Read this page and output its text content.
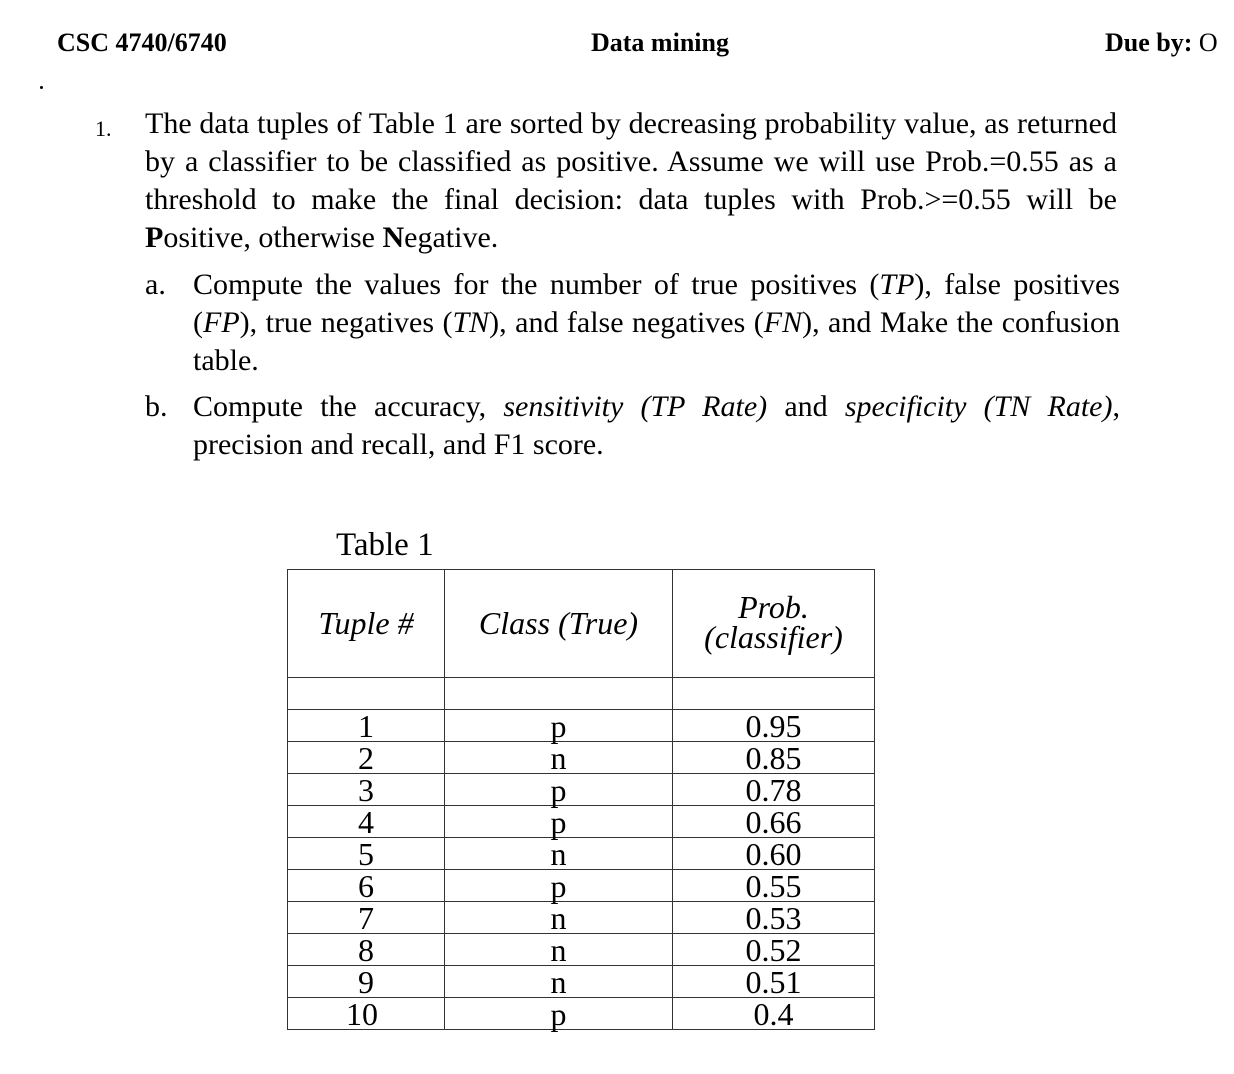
CSC 4740/6740	Data mining	Due by: O
1. The data tuples of Table 1 are sorted by decreasing probability value, as returned by a classifier to be classified as positive. Assume we will use Prob.=0.55 as a threshold to make the final decision: data tuples with Prob.>=0.55 will be Positive, otherwise Negative.
a. Compute the values for the number of true positives (TP), false positives (FP), true negatives (TN), and false negatives (FN), and Make the confusion table.
b. Compute the accuracy, sensitivity (TP Rate) and specificity (TN Rate), precision and recall, and F1 score.
Table 1
Tuple #	Class (True)	Prob.
(classifier)

1	p	0.95
2	n	0.85
3	p	0.78
4	p	0.66
5	n	0.60
6	p	0.55
7	n	0.53
8	n	0.52
9	n	0.51
10	p	0.4
